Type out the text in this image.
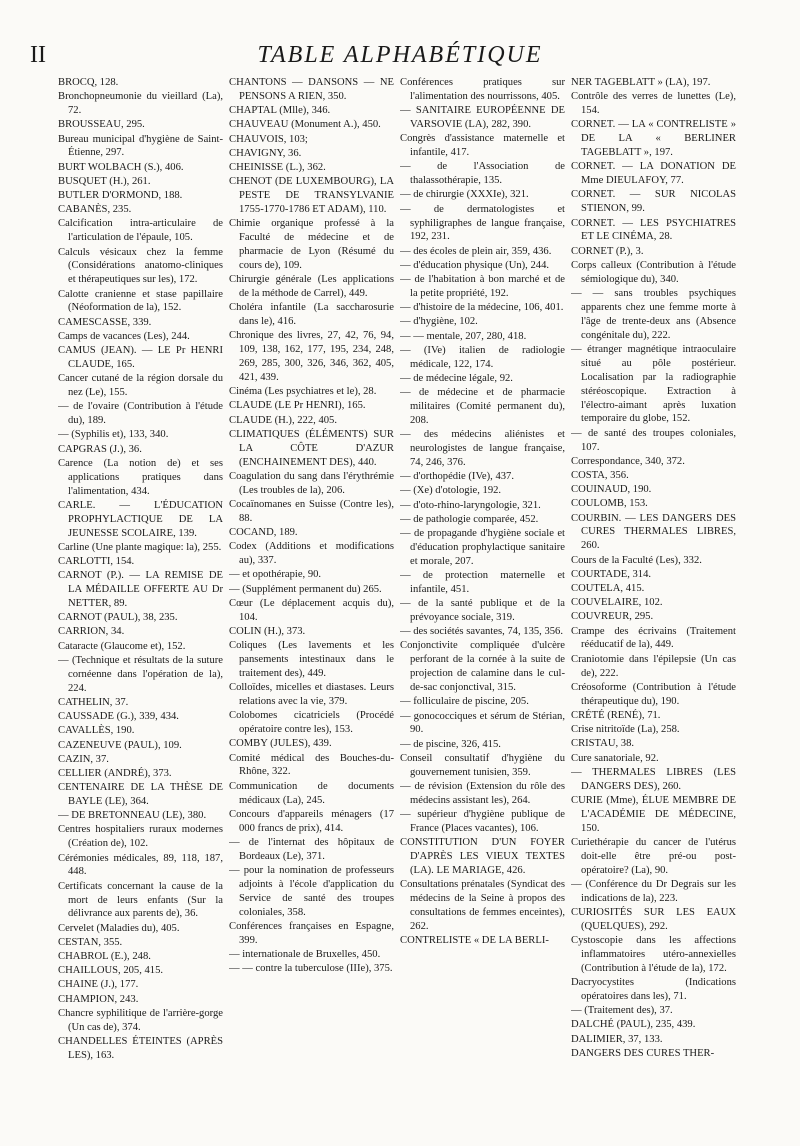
II	TABLE ALPHABÉTIQUE
BROCQ, 128.
Bronchopneumonie du vieillard (La), 72.
BROUSSEAU, 295.
Bureau municipal d'hygiène de Saint-Étienne, 297.
BURT WOLBACH (S.), 406.
BUSQUET (H.), 261.
BUTLER D'ORMOND, 188.
CABANÈS, 235.
Calcification intra-articulaire de l'articulation de l'épaule, 105.
Calculs vésicaux chez la femme (Considérations anatomo-cliniques et thérapeutiques sur les), 172.
Calotte cranienne et stase papillaire (Néoformation de la), 152.
CAMESCASSE, 339.
Camps de vacances (Les), 244.
CAMUS (JEAN). — LE Pr HENRI CLAUDE, 165.
Cancer cutané de la région dorsale du nez (Le), 155.
— de l'ovaire (Contribution à l'étude du), 189.
— (Syphilis et), 133, 340.
CAPGRAS (J.), 36.
Carence (La notion de) et ses applications pratiques dans l'alimentation, 434.
CARLE. — L'ÉDUCATION PROPHYLACTIQUE DE LA JEUNESSE SCOLAIRE, 139.
Carline (Une plante magique: la), 255.
CARLOTTI, 154.
CARNOT (P.). — LA REMISE DE LA MÉDAILLE OFFERTE AU Dr NETTER, 89.
CARNOT (PAUL), 38, 235.
CARRION, 34.
Cataracte (Glaucome et), 152.
— (Technique et résultats de la suture cornéenne dans l'opération de la), 224.
CATHELIN, 37.
CAUSSADE (G.), 339, 434.
CAVALLÈS, 190.
CAZENEUVE (PAUL), 109.
CAZIN, 37.
CELLIER (ANDRÉ), 373.
CENTENAIRE DE LA THÈSE DE BAYLE (LE), 364.
— DE BRETONNEAU (LE), 380.
Centres hospitaliers ruraux modernes (Création de), 102.
Cérémonies médicales, 89, 118, 187, 448.
Certificats concernant la cause de la mort de leurs enfants (Sur la délivrance aux parents de), 36.
Cervelet (Maladies du), 405.
CESTAN, 355.
CHABROL (E.), 248.
CHAILLOUS, 205, 415.
CHAINE (J.), 177.
CHAMPION, 243.
Chancre syphilitique de l'arrière-gorge (Un cas de), 374.
CHANDELLES ÉTEINTES (APRÈS LES), 163.
CHANTONS — DANSONS — NE PENSONS A RIEN, 350.
CHAPTAL (Mlle), 346.
CHAUVEAU (Monument A.), 450.
CHAUVOIS, 103;
CHAVIGNY, 36.
CHEINISSE (L.), 362.
CHENOT (DE LUXEMBOURG), LA PESTE DE TRANSYLVANIE 1755-1770-1786 ET ADAM), 110.
Chimie organique professé à la Faculté de médecine et de pharmacie de Lyon (Résumé du cours de), 109.
Chirurgie générale (Les applications de la méthode de Carrel), 449.
Choléra infantile (La saccharosurie dans le), 416.
Chronique des livres, 27, 42, 76, 94, 109, 138, 162, 177, 195, 234, 248, 269, 285, 300, 326, 346, 362, 405, 421, 439.
Cinéma (Les psychiatres et le), 28.
CLAUDE (LE Pr HENRI), 165.
CLAUDE (H.), 222, 405.
CLIMATIQUES (ÉLÉMENTS) SUR LA CÔTE D'AZUR (ENCHAINEMENT DES), 440.
Coagulation du sang dans l'érythrémie (Les troubles de la), 206.
Cocaïnomanes en Suisse (Contre les), 88.
COCAND, 189.
Codex (Additions et modifications au), 337.
— et opothérapie, 90.
— (Supplément permanent du) 265.
Cœur (Le déplacement acquis du), 104.
COLIN (H.), 373.
Coliques (Les lavements et les pansements intestinaux dans le traitement des), 449.
Colloïdes, micelles et diastases. Leurs relations avec la vie, 379.
Colobomes cicatriciels (Procédé opératoire contre les), 153.
COMBY (JULES), 439.
Comité médical des Bouches-du-Rhône, 322.
Communication de documents médicaux (La), 245.
Concours d'appareils ménagers (17 000 francs de prix), 414.
— de l'internat des hôpitaux de Bordeaux (Le), 371.
— pour la nomination de professeurs adjoints à l'école d'application du Service de santé des troupes coloniales, 358.
Conférences françaises en Espagne, 399.
— internationale de Bruxelles, 450.
— — contre la tuberculose (IIIe), 375.
Conférences pratiques sur l'alimentation des nourrissons, 405.
— SANITAIRE EUROPÉENNE DE VARSOVIE (LA), 282, 390.
Congrès d'assistance maternelle et infantile, 417.
— de l'Association de thalassothérapie, 135.
— de chirurgie (XXXIe), 321.
— de dermatologistes et syphiligraphes de langue française, 192, 231.
— des écoles de plein air, 359, 436.
— d'éducation physique (Un), 244.
— de l'habitation à bon marché et de la petite propriété, 192.
— d'histoire de la médecine, 106, 401.
— d'hygiène, 102.
— — mentale, 207, 280, 418.
— (IVe) italien de radiologie médicale, 122, 174.
— de médecine légale, 92.
— de médecine et de pharmacie militaires (Comité permanent du), 208.
— des médecins aliénistes et neurologistes de langue française, 74, 246, 376.
— d'orthopédie (IVe), 437.
— (Xe) d'otologie, 192.
— d'oto-rhino-laryngologie, 321.
— de pathologie comparée, 452.
— de propagande d'hygiène sociale et d'éducation prophylactique sanitaire et morale, 207.
— de protection maternelle et infantile, 451.
— de la santé publique et de la prévoyance sociale, 319.
— des sociétés savantes, 74, 135, 356.
Conjonctivite compliquée d'ulcère perforant de la cornée à la suite de projection de calamine dans le cul-de-sac conjonctival, 315.
— folliculaire de piscine, 205.
— gonococciques et sérum de Stérian, 90.
— de piscine, 326, 415.
Conseil consultatif d'hygiène du gouvernement tunisien, 359.
— de révision (Extension du rôle des médecins assistant les), 264.
— supérieur d'hygiène publique de France (Places vacantes), 106.
CONSTITUTION D'UN FOYER D'APRÈS LES VIEUX TEXTES (LA). LE MARIAGE, 426.
Consultations prénatales (Syndicat des médecins de la Seine à propos des consultations de femmes enceintes), 262.
CONTRELISTE « DE LA BERLI-
NER TAGEBLATT » (LA), 197.
Contrôle des verres de lunettes (Le), 154.
CORNET. — LA « CONTRELISTE » DE LA « BERLINER TAGEBLATT », 197.
CORNET. — LA DONATION DE Mme DIEULAFOY, 77.
CORNET. — SUR NICOLAS STIENON, 99.
CORNET. — LES PSYCHIATRES ET LE CINÉMA, 28.
CORNET (P.), 3.
Corps calleux (Contribution à l'étude sémiologique du), 340.
— — sans troubles psychiques apparents chez une femme morte à l'âge de trente-deux ans (Absence congénitale du), 222.
— étranger magnétique intraoculaire situé au pôle postérieur. Localisation par la radiographie stéréoscopique. Extraction à l'électro-aimant après luxation temporaire du globe, 152.
— de santé des troupes coloniales, 107.
Correspondance, 340, 372.
COSTA, 356.
COUINAUD, 190.
COULOMB, 153.
COURBIN. — LES DANGERS DES CURES THERMALES LIBRES, 260.
Cours de la Faculté (Les), 332.
COURTADE, 314.
COUTELA, 415.
COUVELAIRE, 102.
COUVREUR, 295.
Crampe des écrivains (Traitement rééducatif de la), 449.
Craniotomie dans l'épilepsie (Un cas de), 222.
Créosoforme (Contribution à l'étude thérapeutique du), 190.
CRÉTÉ (RENÉ), 71.
Crise nitritoïde (La), 258.
CRISTAU, 38.
Cure sanatoriale, 92.
— THERMALES LIBRES (LES DANGERS DES), 260.
CURIE (Mme), ÉLUE MEMBRE DE L'ACADÉMIE DE MÉDECINE, 150.
Curiethérapie du cancer de l'utérus doit-elle être pré-ou post-opératoire? (La), 90.
— (Conférence du Dr Degrais sur les indications de la), 223.
CURIOSITÉS SUR LES EAUX (QUELQUES), 292.
Cystoscopie dans les affections inflammatoires utéro-annexielles (Contribution à l'étude de la), 172.
Dacryocystites (Indications opératoires dans les), 71.
— (Traitement des), 37.
DALCHÉ (PAUL), 235, 439.
DALIMIER, 37, 133.
DANGERS DES CURES THER-
